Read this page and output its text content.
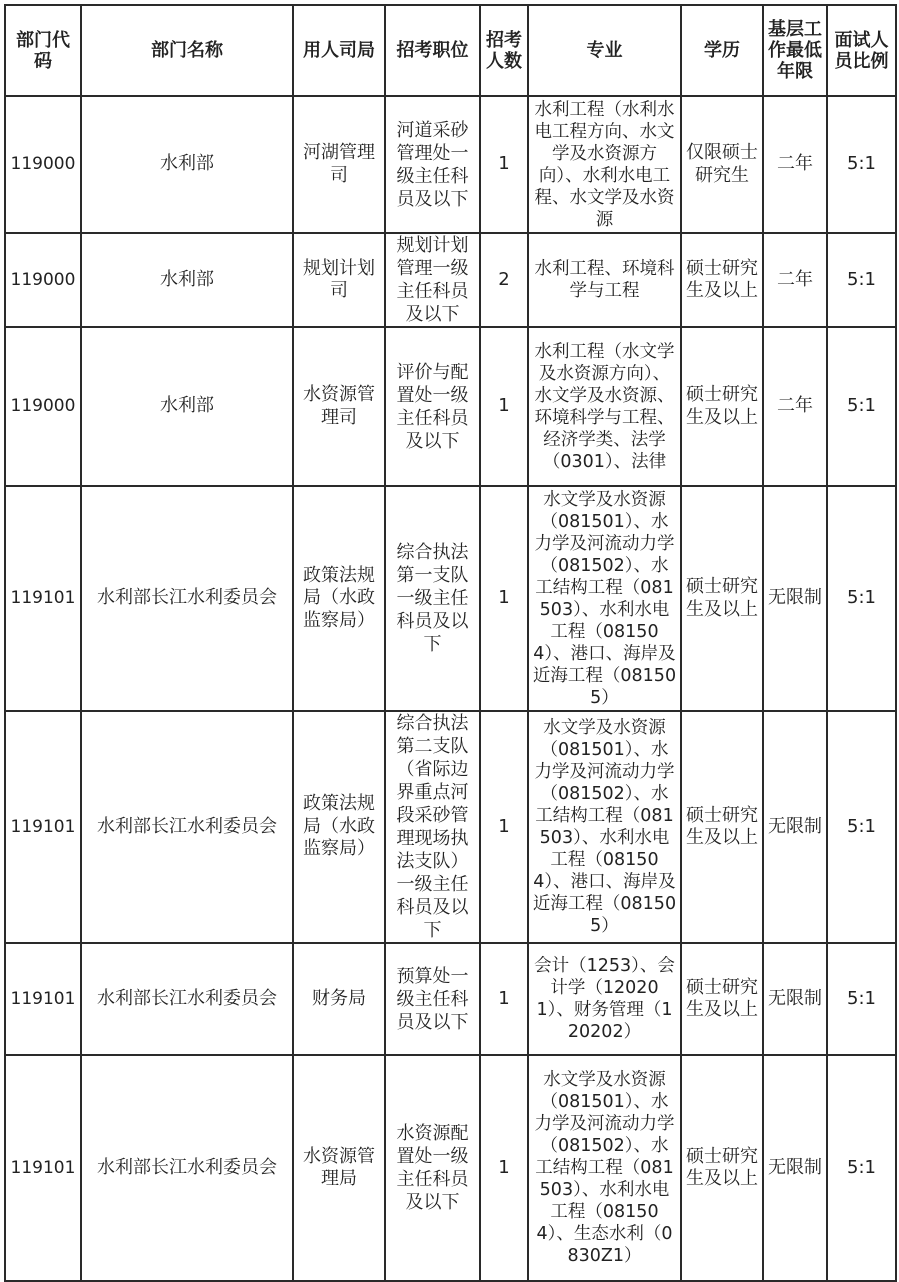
部门代码	部门名称	用人司局	招考职位	招考人数	专业	学历	基层工作最低年限	面试人员比例
119000	水利部	河湖管理司	河道采砂管理处一级主任科员及以下	1	水利工程（水利水电工程方向、水文学及水资源方向）、水利水电工程、水文学及水资源	仅限硕士研究生	二年	5:1
119000	水利部	规划计划司	规划计划管理一级主任科员及以下	2	水利工程、环境科学与工程	硕士研究生及以上	二年	5:1
119000	水利部	水资源管理司	评价与配置处一级主任科员及以下	1	水利工程（水文学及水资源方向）、水文学及水资源、环境科学与工程、经济学类、法学（0301）、法律	硕士研究生及以上	二年	5:1
119101	水利部长江水利委员会	政策法规局（水政监察局）	综合执法第一支队一级主任科员及以下	1	水文学及水资源（081501）、水力学及河流动力学（081502）、水工结构工程（081503）、水利水电工程（081504）、港口、海岸及近海工程（081505）	硕士研究生及以上	无限制	5:1
119101	水利部长江水利委员会	政策法规局（水政监察局）	综合执法第二支队（省际边界重点河段采砂管理现场执法支队）一级主任科员及以下	1	水文学及水资源（081501）、水力学及河流动力学（081502）、水工结构工程（081503）、水利水电工程（081504）、港口、海岸及近海工程（081505）	硕士研究生及以上	无限制	5:1
119101	水利部长江水利委员会	财务局	预算处一级主任科员及以下	1	会计（1253）、会计学（120201）、财务管理（120202）	硕士研究生及以上	无限制	5:1
119101	水利部长江水利委员会	水资源管理局	水资源配置处一级主任科员及以下	1	水文学及水资源（081501）、水力学及河流动力学（081502）、水工结构工程（081503）、水利水电工程（081504）、生态水利（0830Z1）	硕士研究生及以上	无限制	5:1
